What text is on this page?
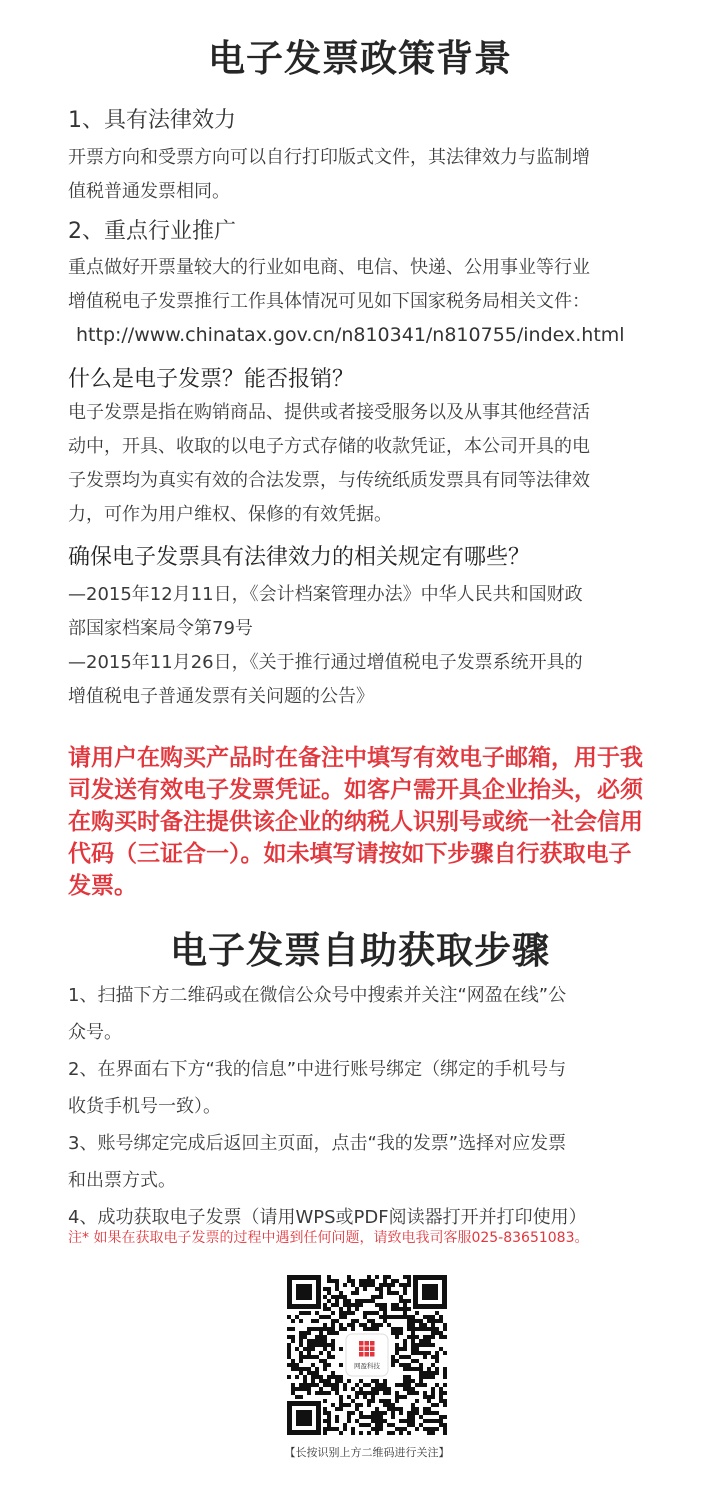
电子发票政策背景
1、具有法律效力
开票方向和受票方向可以自行打印版式文件，其法律效力与监制增
值税普通发票相同。
2、重点行业推广
重点做好开票量较大的行业如电商、电信、快递、公用事业等行业
增值税电子发票推行工作具体情况可见如下国家税务局相关文件：
http://www.chinatax.gov.cn/n810341/n810755/index.html
什么是电子发票？能否报销？
电子发票是指在购销商品、提供或者接受服务以及从事其他经营活
动中，开具、收取的以电子方式存储的收款凭证，本公司开具的电
子发票均为真实有效的合法发票，与传统纸质发票具有同等法律效
力，可作为用户维权、保修的有效凭据。
确保电子发票具有法律效力的相关规定有哪些？
—2015年12月11日，《会计档案管理办法》中华人民共和国财政
部国家档案局令第79号
—2015年11月26日，《关于推行通过增值税电子发票系统开具的
增值税电子普通发票有关问题的公告》
请用户在购买产品时在备注中填写有效电子邮箱，用于我
司发送有效电子发票凭证。如客户需开具企业抬头，必须
在购买时备注提供该企业的纳税人识别号或统一社会信用
代码（三证合一）。如未填写请按如下步骤自行获取电子
发票。
电子发票自助获取步骤
1、扫描下方二维码或在微信公众号中搜索并关注“网盈在线”公
众号。
2、在界面右下方“我的信息”中进行账号绑定（绑定的手机号与
收货手机号一致）。
3、账号绑定完成后返回主页面，点击“我的发票”选择对应发票
和出票方式。
4、成功获取电子发票（请用WPS或PDF阅读器打开并打印使用）
注* 如果在获取电子发票的过程中遇到任何问题，请致电我司客服025-83651083。
网盈科技
【长按识别上方二维码进行关注】
